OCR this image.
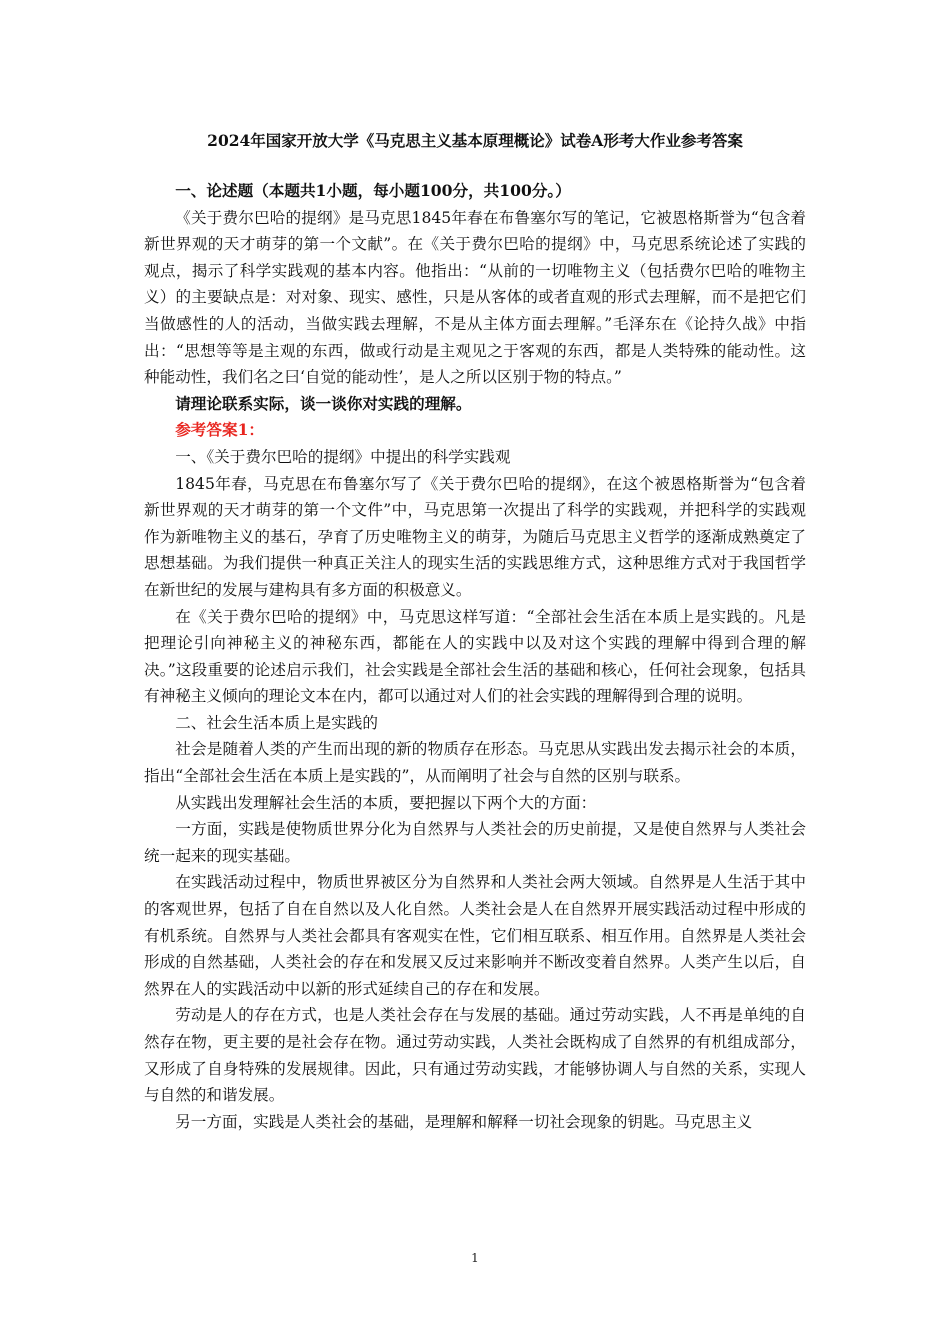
2024年国家开放大学《马克思主义基本原理概论》试卷A形考大作业参考答案

一、论述题（本题共1小题，每小题100分，共100分。）

《关于费尔巴哈的提纲》是马克思1845年春在布鲁塞尔写的笔记，它被恩格斯誉为“包含着新世界观的天才萌芽的第一个文献”。在《关于费尔巴哈的提纲》中，马克思系统论述了实践的观点，揭示了科学实践观的基本内容。他指出：“从前的一切唯物主义（包括费尔巴哈的唯物主义）的主要缺点是：对对象、现实、感性，只是从客体的或者直观的形式去理解，而不是把它们当做感性的人的活动，当做实践去理解，不是从主体方面去理解。”毛泽东在《论持久战》中指出：“思想等等是主观的东西，做或行动是主观见之于客观的东西，都是人类特殊的能动性。这种能动性，我们名之曰‘自觉的能动性’，是人之所以区别于物的特点。”

请理论联系实际，谈一谈你对实践的理解。

参考答案1：

一、《关于费尔巴哈的提纲》中提出的科学实践观

1845年春，马克思在布鲁塞尔写了《关于费尔巴哈的提纲》，在这个被恩格斯誉为“包含着新世界观的天才萌芽的第一个文件”中，马克思第一次提出了科学的实践观，并把科学的实践观作为新唯物主义的基石，孕育了历史唯物主义的萌芽，为随后马克思主义哲学的逐渐成熟奠定了思想基础。为我们提供一种真正关注人的现实生活的实践思维方式，这种思维方式对于我国哲学在新世纪的发展与建构具有多方面的积极意义。

在《关于费尔巴哈的提纲》中，马克思这样写道：“全部社会生活在本质上是实践的。凡是把理论引向神秘主义的神秘东西，都能在人的实践中以及对这个实践的理解中得到合理的解决。”这段重要的论述启示我们，社会实践是全部社会生活的基础和核心，任何社会现象，包括具有神秘主义倾向的理论文本在内，都可以通过对人们的社会实践的理解得到合理的说明。

二、社会生活本质上是实践的

社会是随着人类的产生而出现的新的物质存在形态。马克思从实践出发去揭示社会的本质，指出“全部社会生活在本质上是实践的”，从而阐明了社会与自然的区别与联系。

从实践出发理解社会生活的本质，要把握以下两个大的方面：

一方面，实践是使物质世界分化为自然界与人类社会的历史前提，又是使自然界与人类社会统一起来的现实基础。

在实践活动过程中，物质世界被区分为自然界和人类社会两大领域。自然界是人生活于其中的客观世界，包括了自在自然以及人化自然。人类社会是人在自然界开展实践活动过程中形成的有机系统。自然界与人类社会都具有客观实在性，它们相互联系、相互作用。自然界是人类社会形成的自然基础，人类社会的存在和发展又反过来影响并不断改变着自然界。人类产生以后，自然界在人的实践活动中以新的形式延续自己的存在和发展。

劳动是人的存在方式，也是人类社会存在与发展的基础。通过劳动实践，人不再是单纯的自然存在物，更主要的是社会存在物。通过劳动实践，人类社会既构成了自然界的有机组成部分，又形成了自身特殊的发展规律。因此，只有通过劳动实践，才能够协调人与自然的关系，实现人与自然的和谐发展。

另一方面，实践是人类社会的基础，是理解和解释一切社会现象的钥匙。马克思主义

1
